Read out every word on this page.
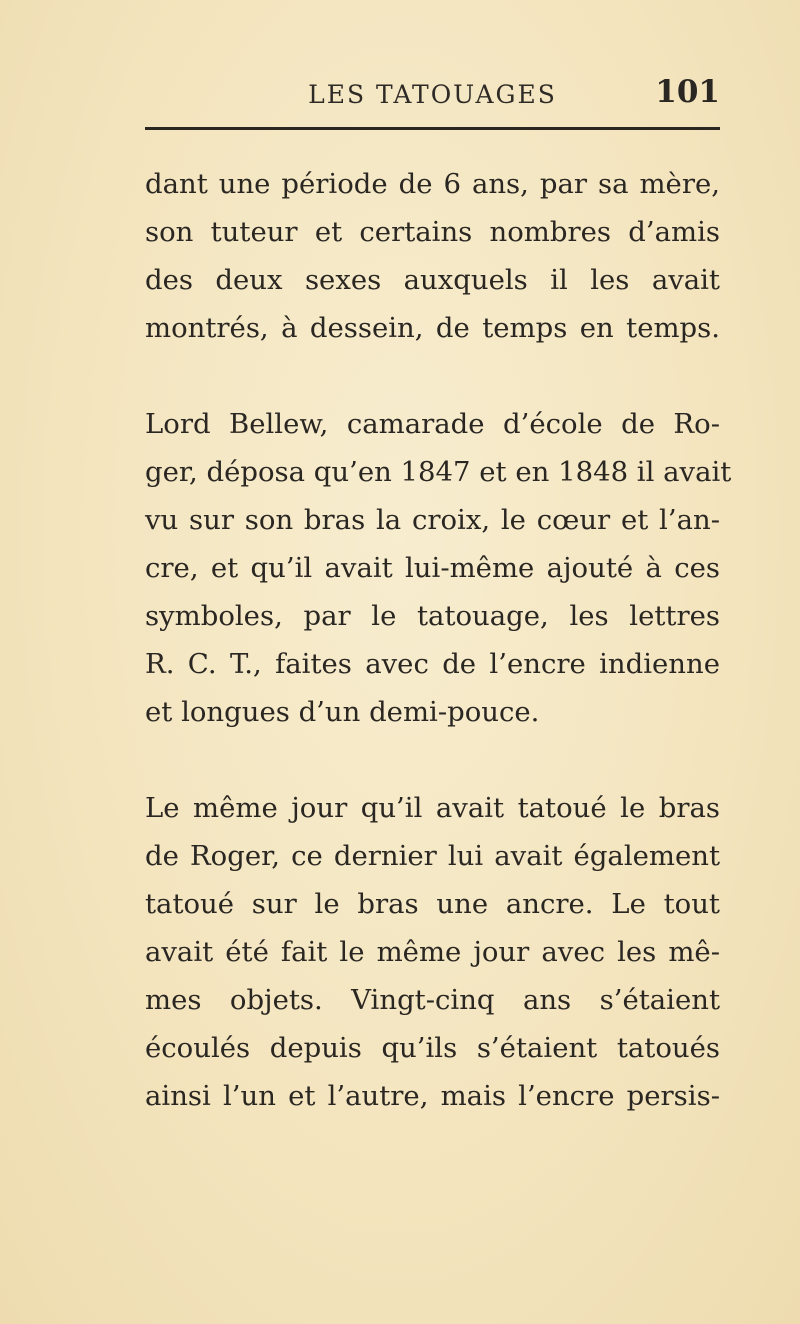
LES TATOUAGES	101

dant une période de 6 ans, par sa mère,
son tuteur et certains nombres d’amis
des deux sexes auxquels il les avait
montrés, à dessein, de temps en temps.

Lord Bellew, camarade d’école de Ro-
ger, déposa qu’en 1847 et en 1848 il avait
vu sur son bras la croix, le cœur et l’an-
cre, et qu’il avait lui-même ajouté à ces
symboles, par le tatouage, les lettres
R. C. T., faites avec de l’encre indienne
et longues d’un demi-pouce.

Le même jour qu’il avait tatoué le bras
de Roger, ce dernier lui avait également
tatoué sur le bras une ancre. Le tout
avait été fait le même jour avec les mê-
mes objets. Vingt-cinq ans s’étaient
écoulés depuis qu’ils s’étaient tatoués
ainsi l’un et l’autre, mais l’encre persis-
